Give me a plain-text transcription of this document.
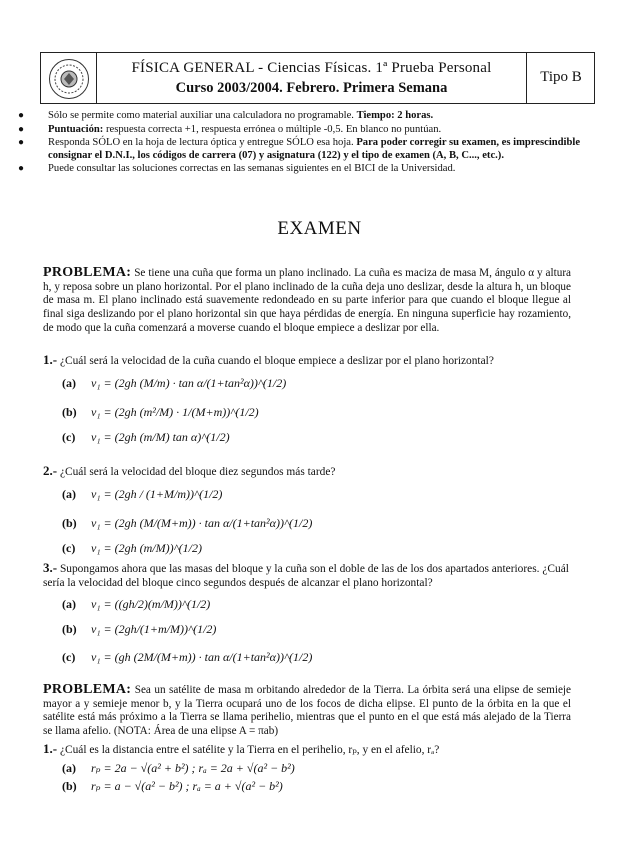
FÍSICA GENERAL - Ciencias Físicas. 1ª Prueba Personal
Curso 2003/2004. Febrero. Primera Semana
Tipo B
● Sólo se permite como material auxiliar una calculadora no programable. Tiempo: 2 horas.
● Puntuación: respuesta correcta +1, respuesta errónea o múltiple -0,5. En blanco no puntúan.
● Responda SÓLO en la hoja de lectura óptica y entregue SÓLO esa hoja. Para poder corregir su examen, es imprescindible consignar el D.N.I., los códigos de carrera (07) y asignatura (122) y el tipo de examen (A, B, C..., etc.).
● Puede consultar las soluciones correctas en las semanas siguientes en el BICI de la Universidad.
EXAMEN
PROBLEMA: Se tiene una cuña que forma un plano inclinado. La cuña es maciza de masa M, ángulo α y altura h, y reposa sobre un plano horizontal. Por el plano inclinado de la cuña deja uno deslizar, desde la altura h, un bloque de masa m. El plano inclinado está suavemente redondeado en su parte inferior para que cuando el bloque llegue al final siga deslizando por el plano horizontal sin que haya pérdidas de energía. En ninguna superficie hay rozamiento, de modo que la cuña comenzará a moverse cuando el bloque empiece a deslizar por ella.
1.- ¿Cuál será la velocidad de la cuña cuando el bloque empiece a deslizar por el plano horizontal?
(a) v₁ = (2gh (M/m) · tan α/(1+tan²α))^(1/2)
(b) v₁ = (2gh (m²/M) · 1/(M+m))^(1/2)
(c) v₁ = (2gh (m/M) tan α)^(1/2)
2.- ¿Cuál será la velocidad del bloque diez segundos más tarde?
(a) v₁ = (2gh / (1+M/m))^(1/2)
(b) v₁ = (2gh (M/(M+m)) · tan α/(1+tan²α))^(1/2)
(c) v₁ = (2gh (m/M))^(1/2)
3.- Supongamos ahora que las masas del bloque y la cuña son el doble de las de los dos apartados anteriores. ¿Cuál sería la velocidad del bloque cinco segundos después de alcanzar el plano horizontal?
(a) v₁ = ((gh/2)(m/M))^(1/2)
(b) v₁ = (2gh/(1+m/M))^(1/2)
(c) v₁ = (gh (2M/(M+m)) · tan α/(1+tan²α))^(1/2)
PROBLEMA: Sea un satélite de masa m orbitando alrededor de la Tierra. La órbita será una elipse de semieje mayor a y semieje menor b, y la Tierra ocupará uno de los focos de dicha elipse. El punto de la órbita en la que el satélite está más próximo a la Tierra se llama perihelio, mientras que el punto en el que está más alejado de la Tierra se llama afelio. (NOTA: Área de una elipse A = πab)
1.- ¿Cuál es la distancia entre el satélite y la Tierra en el perihelio, rₚ, y en el afelio, rₐ?
(a) rₚ = 2a − √(a² + b²) ; rₐ = 2a + √(a² − b²)
(b) rₚ = a − √(a² − b²) ; rₐ = a + √(a² − b²)
